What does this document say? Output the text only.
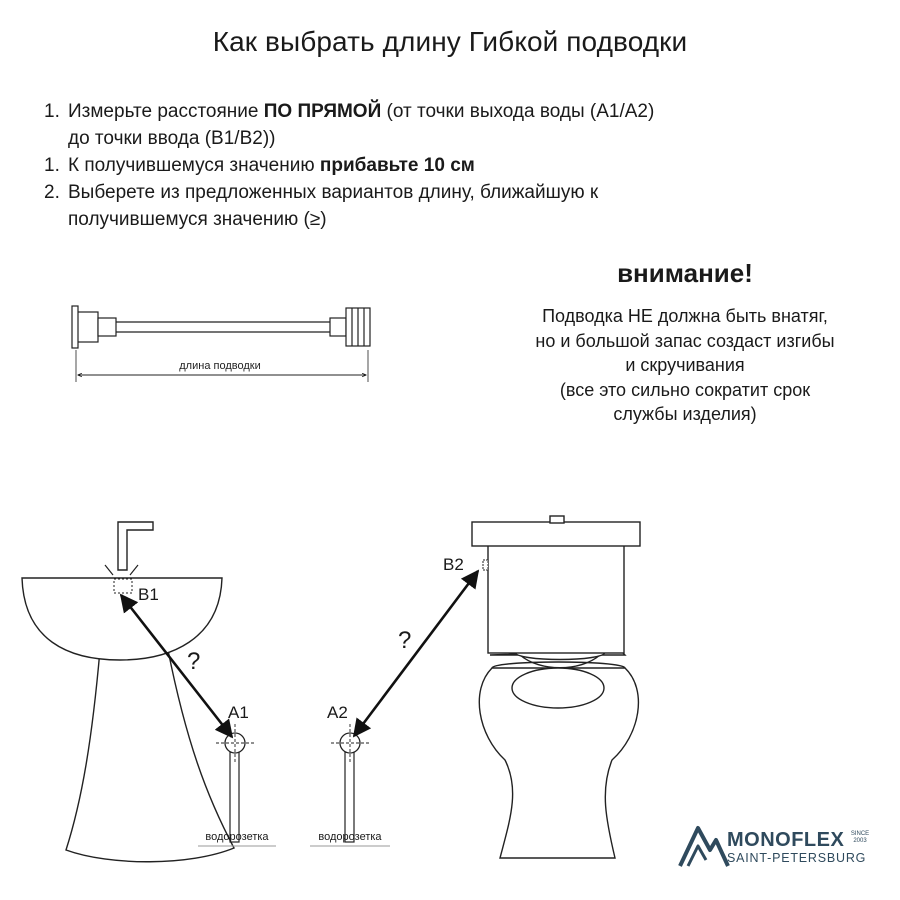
Как выбрать длину Гибкой подводки
1. Измерьте расстояние ПО ПРЯМОЙ (от точки выхода воды (A1/A2)
до точки ввода (B1/B2))
1. К получившемуся значению прибавьте 10 см
2. Выберете из предложенных вариантов длину, ближайшую к
получившемуся значению (≥)
внимание!
Подводка НЕ должна быть внатяг,
но и большой запас создаст изгибы
и скручивания
(все это сильно сократит срок
службы изделия)
длина подводки
B1
A1	A2
B2
?
?
водорозетка	водорозетка	MONOFLEX	SINCE 2003
SAINT-PETERSBURG
